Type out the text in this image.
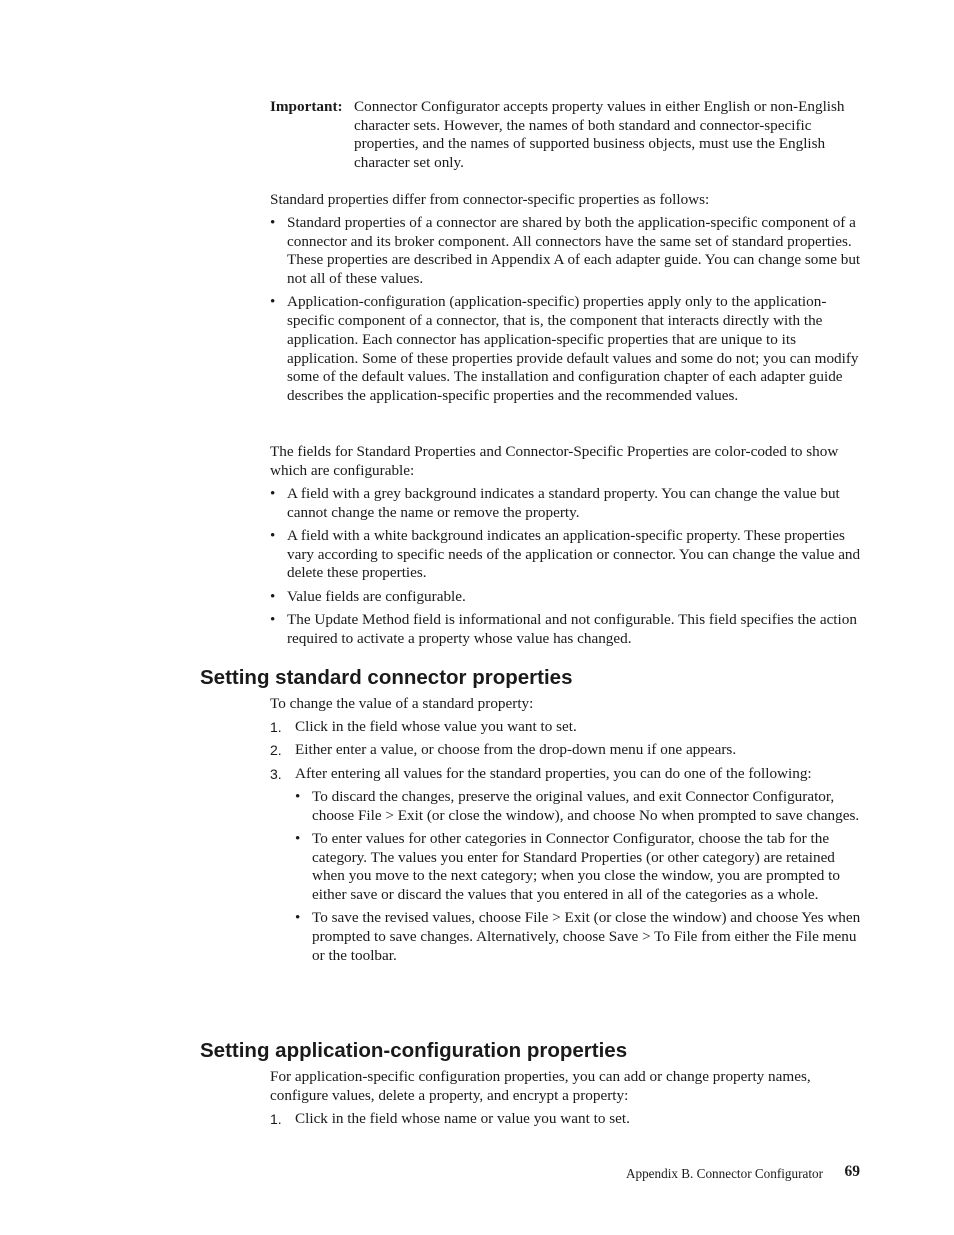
Important: Connector Configurator accepts property values in either English or non-English character sets. However, the names of both standard and connector-specific properties, and the names of supported business objects, must use the English character set only.
Standard properties differ from connector-specific properties as follows:
• Standard properties of a connector are shared by both the application-specific component of a connector and its broker component. All connectors have the same set of standard properties. These properties are described in Appendix A of each adapter guide. You can change some but not all of these values.
• Application-configuration (application-specific) properties apply only to the application-specific component of a connector, that is, the component that interacts directly with the application. Each connector has application-specific properties that are unique to its application. Some of these properties provide default values and some do not; you can modify some of the default values. The installation and configuration chapter of each adapter guide describes the application-specific properties and the recommended values.
The fields for Standard Properties and Connector-Specific Properties are color-coded to show which are configurable:
• A field with a grey background indicates a standard property. You can change the value but cannot change the name or remove the property.
• A field with a white background indicates an application-specific property. These properties vary according to specific needs of the application or connector. You can change the value and delete these properties.
• Value fields are configurable.
• The Update Method field is informational and not configurable. This field specifies the action required to activate a property whose value has changed.
Setting standard connector properties
To change the value of a standard property:
1. Click in the field whose value you want to set.
2. Either enter a value, or choose from the drop-down menu if one appears.
3. After entering all values for the standard properties, you can do one of the following:
• To discard the changes, preserve the original values, and exit Connector Configurator, choose File > Exit (or close the window), and choose No when prompted to save changes.
• To enter values for other categories in Connector Configurator, choose the tab for the category. The values you enter for Standard Properties (or other category) are retained when you move to the next category; when you close the window, you are prompted to either save or discard the values that you entered in all of the categories as a whole.
• To save the revised values, choose File > Exit (or close the window) and choose Yes when prompted to save changes. Alternatively, choose Save > To File from either the File menu or the toolbar.
Setting application-configuration properties
For application-specific configuration properties, you can add or change property names, configure values, delete a property, and encrypt a property:
1. Click in the field whose name or value you want to set.
Appendix B. Connector Configurator 69
